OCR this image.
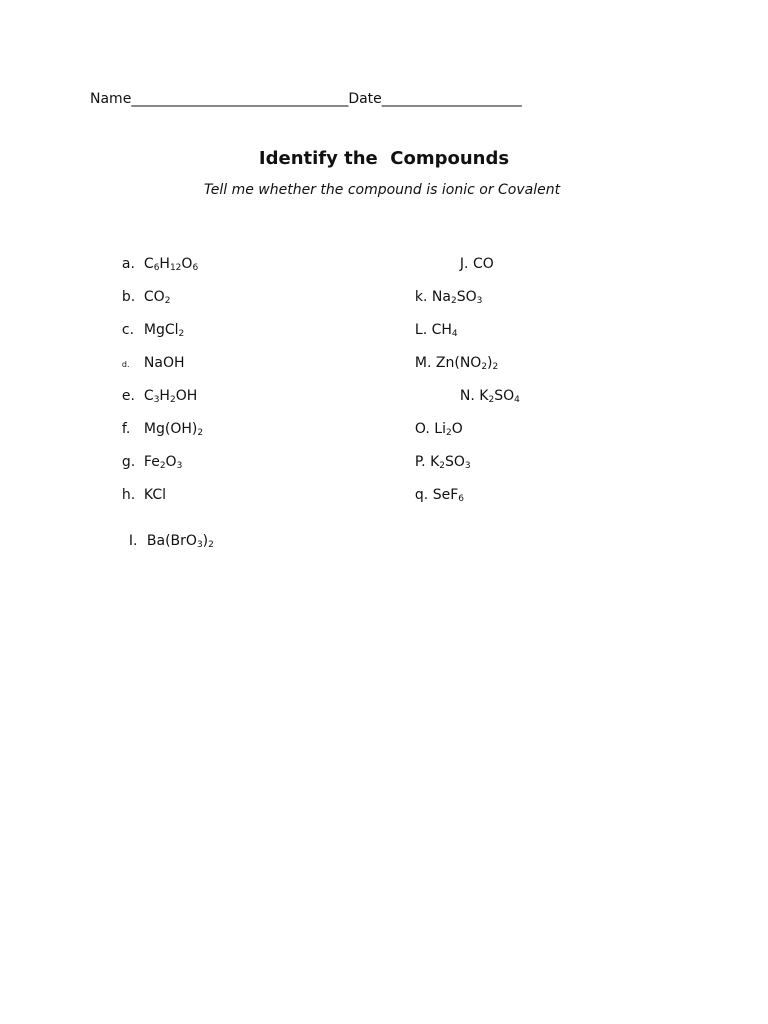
Name_______________________________Date____________________
Identify the  Compounds
Tell me whether the compound is ionic or Covalent

a. $C_6H_{12}O_6$

b. $CO_2$

c. MgCl$_2$

d. NaOH

e. $C_3H_2OH$

f. $Mg(OH)_2$

g. $Fe_2O_3$

h. KCl

I. $Ba(BrO_3)_2$

J. CO

k. $Na_2SO_3$

L. $CH_4$

M. $Zn(NO_2)_2$

N. $K_2SO_4$

O. $Li_2O$

P. $K_2SO_3$

q. SeF$_6$
